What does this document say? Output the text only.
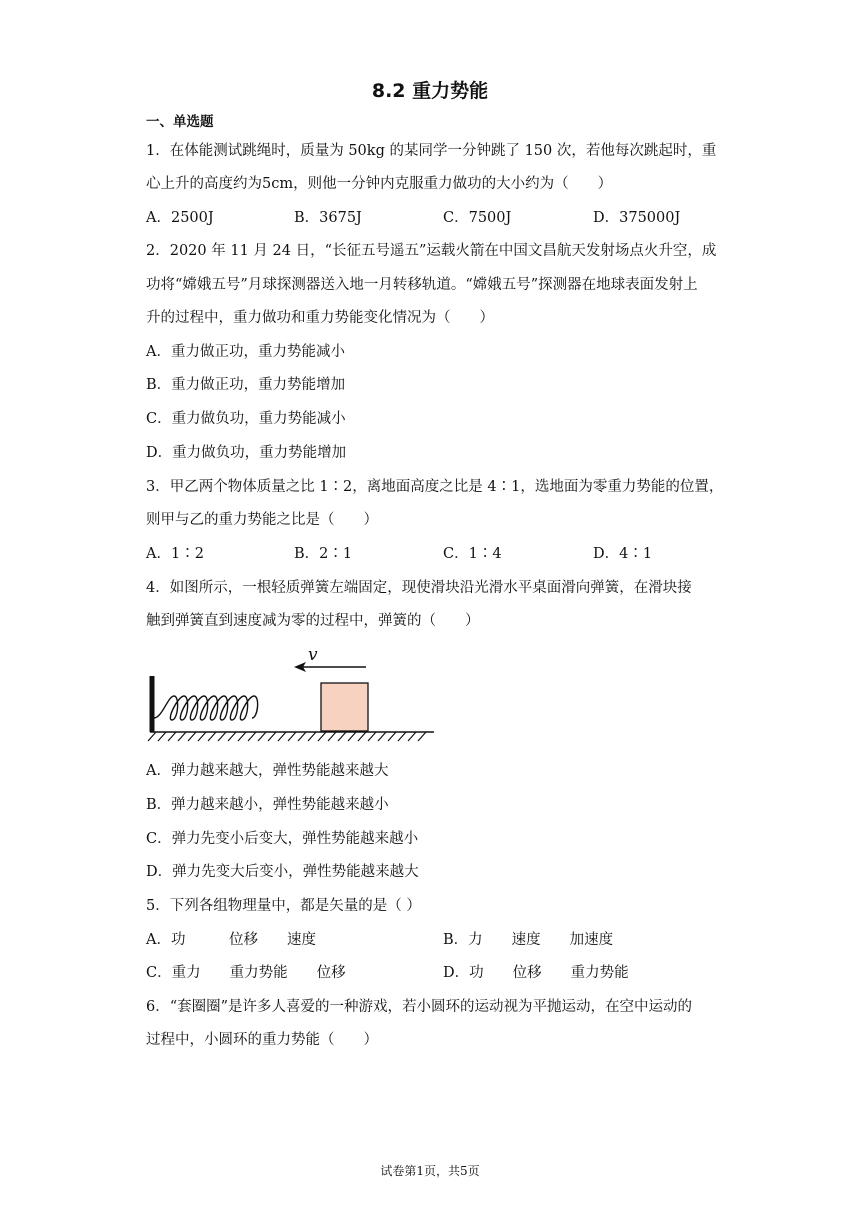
8.2 重力势能
一、单选题
1．在体能测试跳绳时，质量为 50kg 的某同学一分钟跳了 150 次，若他每次跳起时，重
心上升的高度约为5cm，则他一分钟内克服重力做功的大小约为（　　）
A．2500J	B．3675J	C．7500J	D．375000J
2．2020 年 11 月 24 日，“长征五号遥五”运载火箭在中国文昌航天发射场点火升空，成
功将“嫦娥五号”月球探测器送入地一月转移轨道。“嫦娥五号”探测器在地球表面发射上
升的过程中，重力做功和重力势能变化情况为（　　）
A．重力做正功，重力势能减小
B．重力做正功，重力势能增加
C．重力做负功，重力势能减小
D．重力做负功，重力势能增加
3．甲乙两个物体质量之比 1∶2，离地面高度之比是 4∶1，选地面为零重力势能的位置，
则甲与乙的重力势能之比是（　　）
A．1∶2	B．2∶1	C．1∶4	D．4∶1
4．如图所示，一根轻质弹簧左端固定，现使滑块沿光滑水平桌面滑向弹簧，在滑块接
触到弹簧直到速度减为零的过程中，弹簧的（　　）
v
A．弹力越来越大，弹性势能越来越大
B．弹力越来越小，弹性势能越来越小
C．弹力先变小后变大，弹性势能越来越小
D．弹力先变大后变小，弹性势能越来越大
5．下列各组物理量中，都是矢量的是（ ）
A．功　　　位移　　速度	B．力　　速度　　加速度
C．重力　　重力势能　　位移	D．功　　位移　　重力势能
6．“套圈圈”是许多人喜爱的一种游戏，若小圆环的运动视为平抛运动，在空中运动的
过程中，小圆环的重力势能（　　）
试卷第1页，共5页
